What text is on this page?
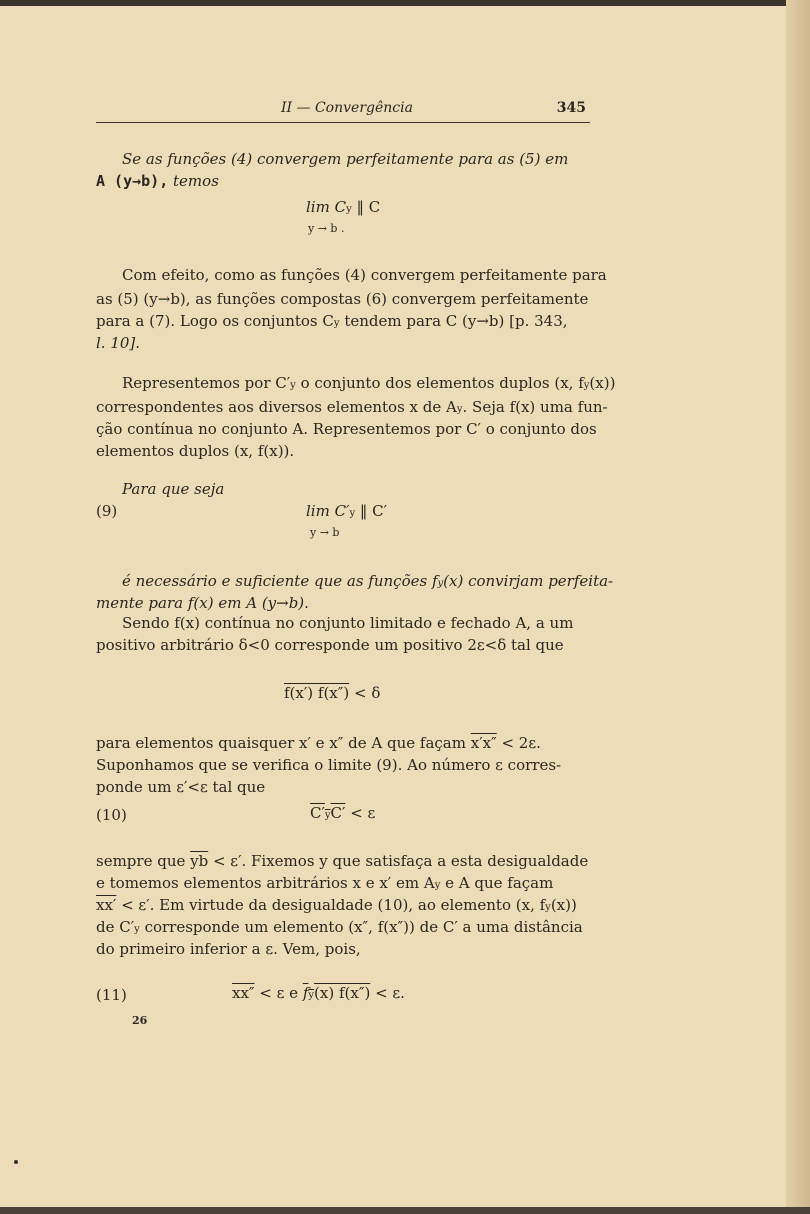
II — Convergência	345
Se as funções (4) convergem perfeitamente para as (5) em
A (y→b), temos
lim Cy ‖ C
y → b .
Com efeito, como as funções (4) convergem perfeitamente para
as (5) (y→b), as funções compostas (6) convergem perfeitamente
para a (7). Logo os conjuntos Cy tendem para C (y→b) [p. 343,
l. 10].
Representemos por C′y o conjunto dos elementos duplos (x, fy(x))
correspondentes aos diversos elementos x de Ay. Seja f(x) uma fun-
ção contínua no conjunto A. Representemos por C′ o conjunto dos
elementos duplos (x, f(x)).
Para que seja
(9)	lim C′y ‖ C′
y → b
é necessário e suficiente que as funções fy(x) convirjam perfeita-
mente para f(x) em A (y→b).
Sendo f(x) contínua no conjunto limitado e fechado A, a um
positivo arbitrário δ<0 corresponde um positivo 2ε<δ tal que
f(x′) f(x″) < δ
para elementos quaisquer x′ e x″ de A que façam x′x″ < 2ε.
Suponhamos que se verifica o limite (9). Ao número ε corres-
ponde um ε′<ε tal que
(10)	C′yC′ < ε
sempre que $\overline{yb} < \varepsilon'$. Fixemos y que satisfaça a esta desigualdade
e tomemos elementos arbitrários x e x′ em Ay e A que façam
xx′ < ε′. Em virtude da desigualdade (10), ao elemento (x, fy(x))
de C′y corresponde um elemento (x″, f(x″)) de C′ a uma distância
do primeiro inferior a ε. Vem, pois,
(11)	xx″ < ε e fy(x) f(x″) < ε.
26
